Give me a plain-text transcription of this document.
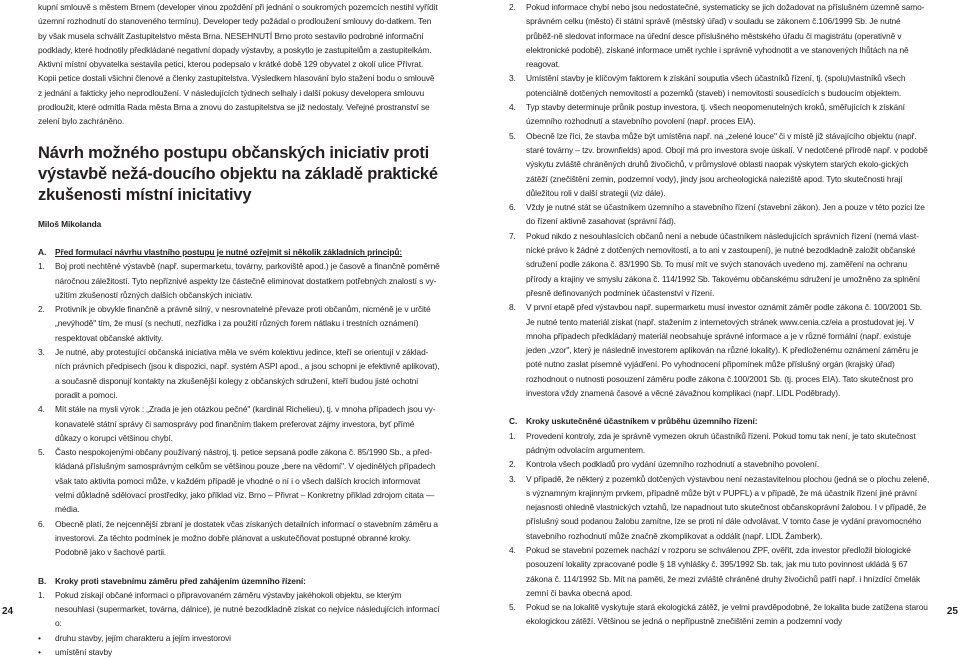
kupní smlouvě s městem Brnem (developer vinou zpoždění při jednání o soukromých pozemcích nestihl vyřídit územní rozhodnutí do stanoveného termínu). Developer tedy požádal o prodloužení smlouvy do-datkem. Ten by však musela schválit Zastupitelstvo města Brna. NESEHNUTÍ Brno proto sestavilo podrobné informační podklady, které hodnotily předkládané negativní dopady výstavby, a poskytlo je zastupitelům a zastupitelkám. Aktivní místní obyvatelka sestavila petici, kterou podepsalo v krátké době 129 obyvatel z okolí ulice Přívrat. Kopii petice dostali všichni členové a členky zastupitelstva. Výsledkem hlasování bylo stažení bodu o smlouvě z jednání a fakticky jeho neprodloužení. V následujících týdnech selhaly i další pokusy developera smlouvu prodloužit, které odmítla Rada města Brna a znovu do zastupitelstva se již nedostaly. Veřejné prostranství se zelení bylo zachráněno.

Návrh možného postupu občanských iniciativ proti výstavbě nežá-doucího objektu na základě praktické zkušenosti místní inicitativy

Miloš Mikolanda

A.	Před formulací návrhu vlastního postupu je nutné ozřejmit si několik základních principů:
1.	Boj proti nechtěné výstavbě (např. supermarketu, továrny, parkoviště apod.) je časově a finančně poměrně náročnou záležitostí. Tyto nepříznivé aspekty lze částečně eliminovat dostatkem potřebných znalostí s vy-užitím zkušeností různých dalších občanských iniciativ.
2.	Protivník je obvykle finančně a právně silný, v nesrovnatelné převaze proti občanům, nicméně je v určité „nevýhodě" tím, že musí (s nechutí, nezřídka i za použití různých forem nátlaku i trestních oznámení) respektovat občanské aktivity.
3.	Je nutné, aby protestující občanská iniciativa měla ve svém kolektivu jedince, kteří se orientují v základ-ních právních předpisech (jsou k dispozici, např. systém ASPI apod., a jsou schopni je efektivně aplikovat), a současně disponují kontakty na zkušenější kolegy z občanských sdružení, kteří budou jisté ochotni poradit a pomoci.
4.	Mít stále na mysli výrok : „Zrada je jen otázkou pečné" (kardinál Richelieu), tj. v mnoha případech jsou vy-konavatelé státní správy či samosprávy pod finančním tlakem preferovat zájmy investora, byť přímé důkazy o korupci většinou chybí.
5.	Často nespokojenými občany používaný nástroj, tj. petice sepsaná podle zákona č. 85/1990 Sb., a před-kládaná příslušným samosprávným celkům se většinou pouze „bere na vědomí". V ojedinělých případech však tato aktivita pomoci může, v každém případě je vhodné o ní i o všech dalších krocích informovat velmi důkladně sdělovací prostředky, jako příklad viz. Brno – Přivrat – Konkretny příklad zdrojom citata — média.
6.	Obecně platí, že nejcennější zbraní je dostatek včas získaných detailních informací o stavebním záměru a investorovi. Za těchto podmínek je možno dobře plánovat a uskutečňovat postupné obranné kroky. Podobně jako v šachové partii.
B.	Kroky proti stavebnímu záměru před zahájením územního řízení:
1.	Pokud získají občané informaci o připravovaném záměru výstavby jakéhokoli objektu, se kterým nesouhlasí (supermarket, továrna, dálnice), je nutné bezodkladně získat co nejvíce následujících informací o:
•	druhu stavby, jejím charakteru a jejím investorovi
•	umístění stavby
2.	Pokud informace chybí nebo jsou nedostatečné, systematicky se jich dožadovat na příslušném územně samo-správném celku (město) či státní správě (městský úřad) v souladu se zákonem č.106/1999 Sb. Je nutné průběž-ně sledovat informace na úřední desce příslušného městského úřadu či magistrátu (operativně v elektronické podobě), získané informace umět rychle i správně vyhodnotit a ve stanovených lhůtách na ně reagovat.
3.	Umístění stavby je klíčovým faktorem k získání souputia všech účastníků řízení, tj. (spolu)vlastníků všech potenciálně dotčených nemovitostí a pozemků (staveb) i nemovitostí sousedících s budoucím objektem.
4.	Typ stavby determinuje průnik postup investora, tj. všech neopomenutelných kroků, směřujících k získání územního rozhodnutí a stavebního povolení (např. proces EIA).
5.	Obecně lze říci, že stavba může být umístěna např. na „zelené louce" či v místě již stávajícího objektu (např. staré továrny – tzv. brownfields) apod. Obojí má pro investora svoje úskalí. V nedotčené přírodě např. v podobě výskytu zvláště chráněných druhů živočichů, v průmyslové oblasti naopak výskytem starých ekolo-gických zátěží (znečištění zemin, podzemní vody), jindy jsou archeologická naleziště apod. Tyto skutečnosti hrají důležitou roli v další strategii (viz dále).
6.	Vždy je nutné stát se účastníkem územního a stavebního řízení (stavební zákon). Jen a pouze v této pozici lze do řízení aktivně zasahovat (správní řád).
7.	Pokud nikdo z nesouhlasících občanů není a nebude účastníkem následujících správních řízení (nemá vlast-nické právo k žádné z dotčených nemovitostí, a to ani v zastoupení), je nutné bezodkladně založit občanské sdružení podle zákona č. 83/1990 Sb. To musí mít ve svých stanovách uvedeno mj. zaměření na ochranu přírody a krajiny ve smyslu zákona č. 114/1992 Sb. Takovému občanskému sdružení je umožněno za splnění přesně definovaných podmínek účastenství v řízení.
8.	V první etapě před výstavbou např. supermarketu musí investor oznámit záměr podle zákona č. 100/2001 Sb. Je nutné tento materiál získat (např. stažením z internetových stránek www.cenia.cz/eia a prostudovat jej. V mnoha případech předkládaný materiál neobsahuje správné informace a je v různé formální (např. existuje jeden „vzor", který je následně investorem aplikován na různé lokality). K předloženému oznámení záměru je poté nutno zaslat písemné vyjádření. Po vyhodnocení připomínek může příslušný orgán (krajský úřad) rozhodnout o nutnosti posouzení záměru podle zákona č.100/2001 Sb. (tj. proces EIA). Tato skutečnost pro investora vždy znamená časové a věcné závažnou komplikaci (např. LIDL Poděbrady).
C.	Kroky uskutečněné účastníkem v průběhu územního řízení:
1.	Provedení kontroly, zda je správně vymezen okruh účastníků řízení. Pokud tomu tak není, je tato skutečnost pádným odvolacím argumentem.
2.	Kontrola všech podkladů pro vydání územního rozhodnutí a stavebního povolení.
3.	V případě, že některý z pozemků dotčených výstavbou není nezastavitelnou plochou (jedná se o plochu zeleně, s významným krajinným prvkem, případně může být v PUPFL) a v případě, že má účastník řízení jiné právní nejasnosti ohledně vlastnických vztahů, lze napadnout tuto skutečnost občanskoprávní žalobou. I v případě, že příslušný soud podanou žalobu zamítne, lze se proti ní dále odvolávat. V tomto čase je vydání pravomocného stavebního rozhodnutí může značně zkomplikovat a oddálit (např. LIDL Žamberk).
4.	Pokud se stavební pozemek nachází v rozporu se schválenou ZPF, ověřit, zda investor předložil biologické posouzení lokality zpracované podle § 18 vyhlášky č. 395/1992 Sb. tak, jak mu tuto povinnost ukládá § 67 zákona č. 114/1992 Sb. Mít na paměti, že mezi zvláště chráněné druhy živočichů patří např. i hnízdící čmelák zemní či bavka obecná apod.
5.	Pokud se na lokalitě vyskytuje stará ekologická zátěž, je velmi pravděpodobné, že lokalita bude zatížena starou ekologickou zátěží. Většinou se jedná o nepřípustně znečištění zemin a podzemní vody
24	25
